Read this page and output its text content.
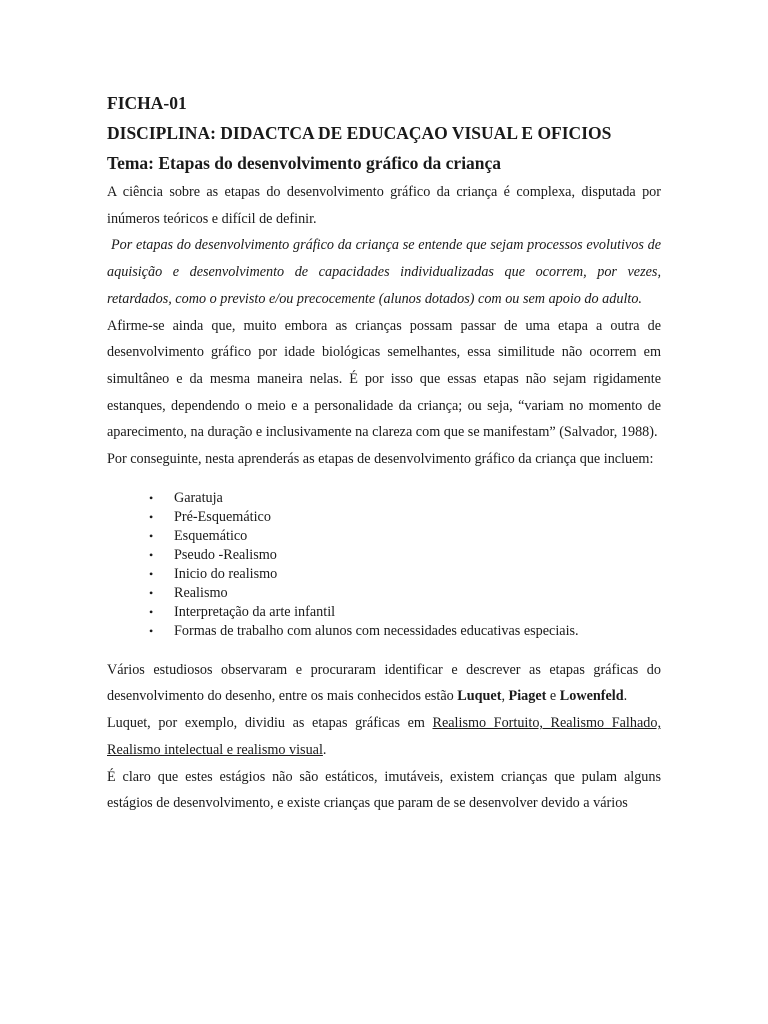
FICHA-01

DISCIPLINA: DIDACTCA DE EDUCAÇAO VISUAL E OFICIOS

Tema: Etapas do desenvolvimento gráfico da criança

A ciência sobre as etapas do desenvolvimento gráfico da criança é complexa, disputada por inúmeros teóricos e difícil de definir.

Por etapas do desenvolvimento gráfico da criança se entende que sejam processos evolutivos de aquisição e desenvolvimento de capacidades individualizadas que ocorrem, por vezes, retardados, como o previsto e/ou precocemente (alunos dotados) com ou sem apoio do adulto.

Afirme-se ainda que, muito embora as crianças possam passar de uma etapa a outra de desenvolvimento gráfico por idade biológicas semelhantes, essa similitude não ocorrem em simultâneo e da mesma maneira nelas. É por isso que essas etapas não sejam rigidamente estanques, dependendo o meio e a personalidade da criança; ou seja, “variam no momento de aparecimento, na duração e inclusivamente na clareza com que se manifestam” (Salvador, 1988).

Por conseguinte, nesta aprenderás as etapas de desenvolvimento gráfico da criança que incluem:

• Garatuja
• Pré-Esquemático
• Esquemático
• Pseudo -Realismo
• Inicio do realismo
• Realismo
• Interpretação da arte infantil
• Formas de trabalho com alunos com necessidades educativas especiais.

Vários estudiosos observaram e procuraram identificar e descrever as etapas gráficas do desenvolvimento do desenho, entre os mais conhecidos estão Luquet, Piaget e Lowenfeld.

Luquet, por exemplo, dividiu as etapas gráficas em Realismo Fortuito, Realismo Falhado, Realismo intelectual e realismo visual.

É claro que estes estágios não são estáticos, imutáveis, existem crianças que pulam alguns estágios de desenvolvimento, e existe crianças que param de se desenvolver devido a vários
